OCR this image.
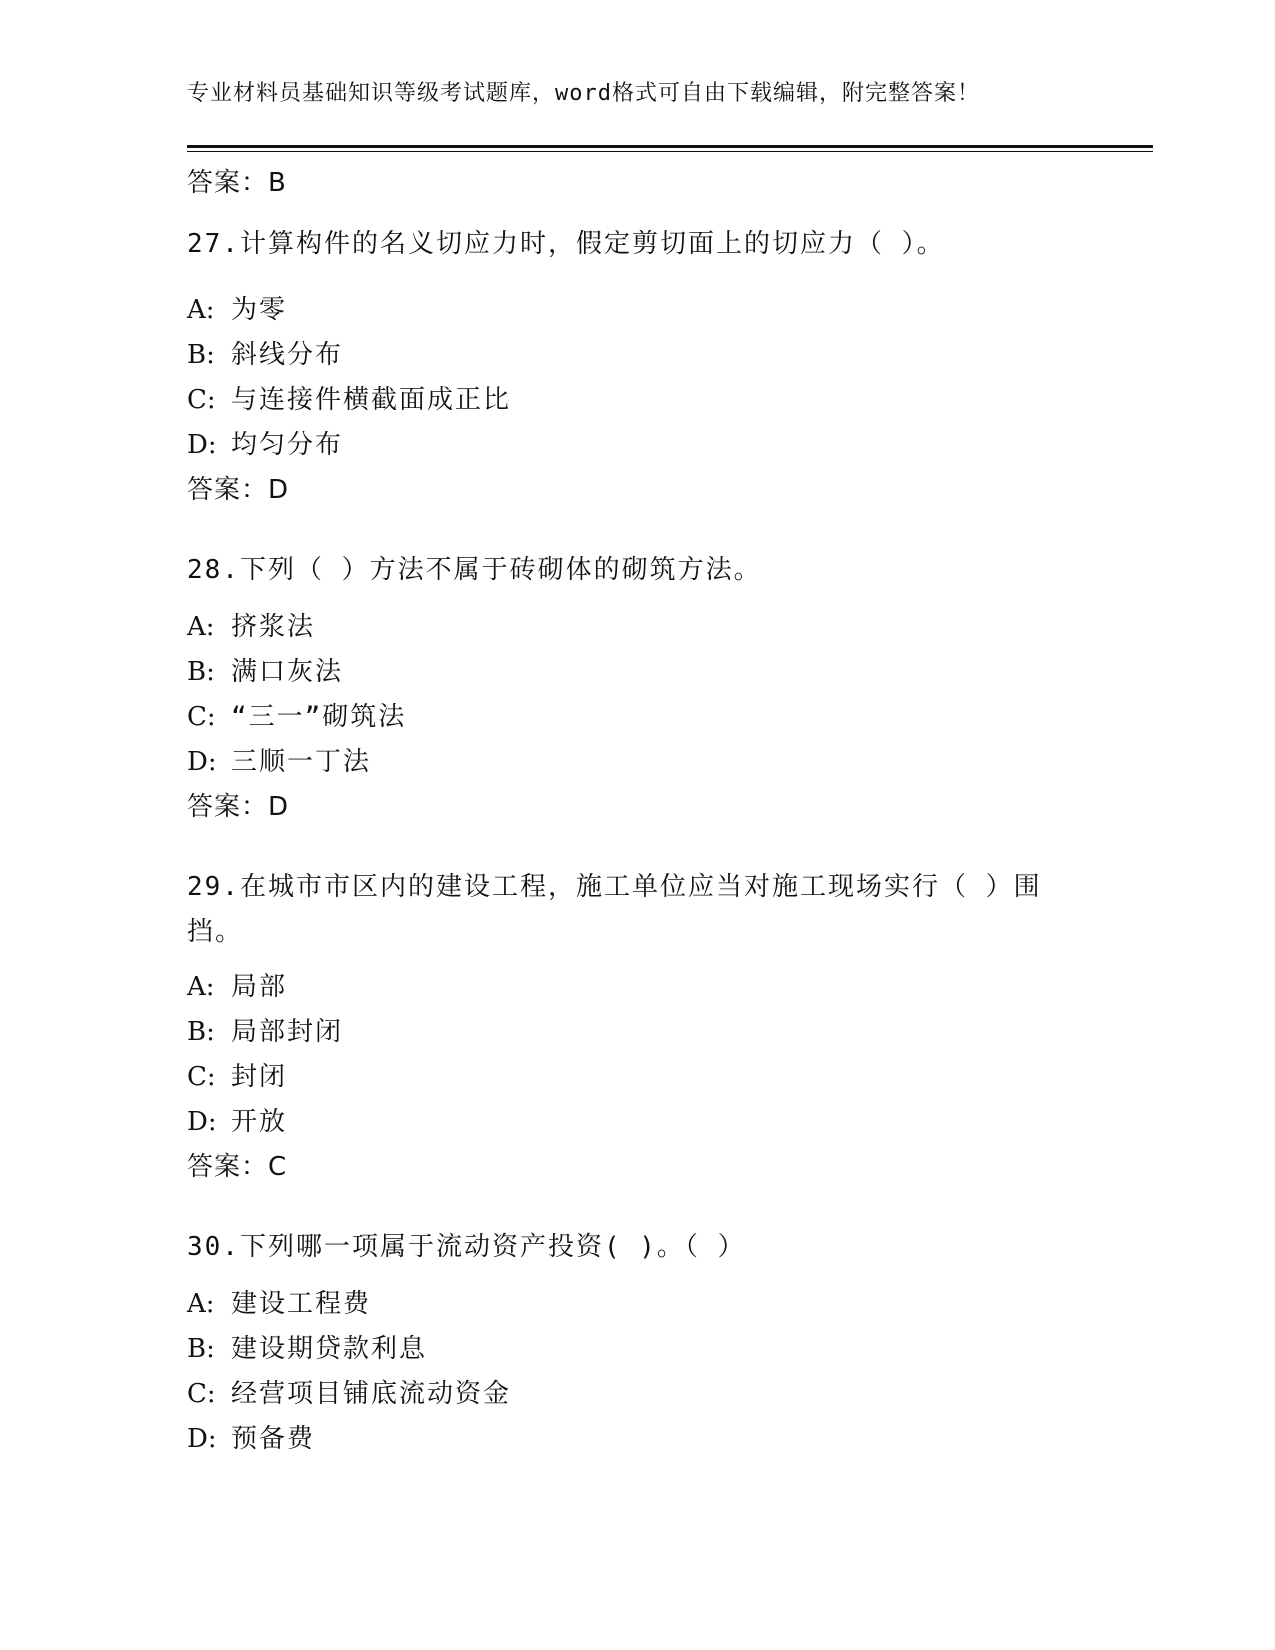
专业材料员基础知识等级考试题库，word格式可自由下载编辑，附完整答案！
答案：B
27.计算构件的名义切应力时，假定剪切面上的切应力（ ）。
A: 为零
B: 斜线分布
C: 与连接件横截面成正比
D: 均匀分布
答案：D
28.下列（ ）方法不属于砖砌体的砌筑方法。
A: 挤浆法
B: 满口灰法
C: “三一”砌筑法
D: 三顺一丁法
答案：D
29.在城市市区内的建设工程，施工单位应当对施工现场实行（ ）围
挡。
A: 局部
B: 局部封闭
C: 封闭
D: 开放
答案：C
30.下列哪一项属于流动资产投资( )。（ ）
A: 建设工程费
B: 建设期贷款利息
C: 经营项目铺底流动资金
D: 预备费
